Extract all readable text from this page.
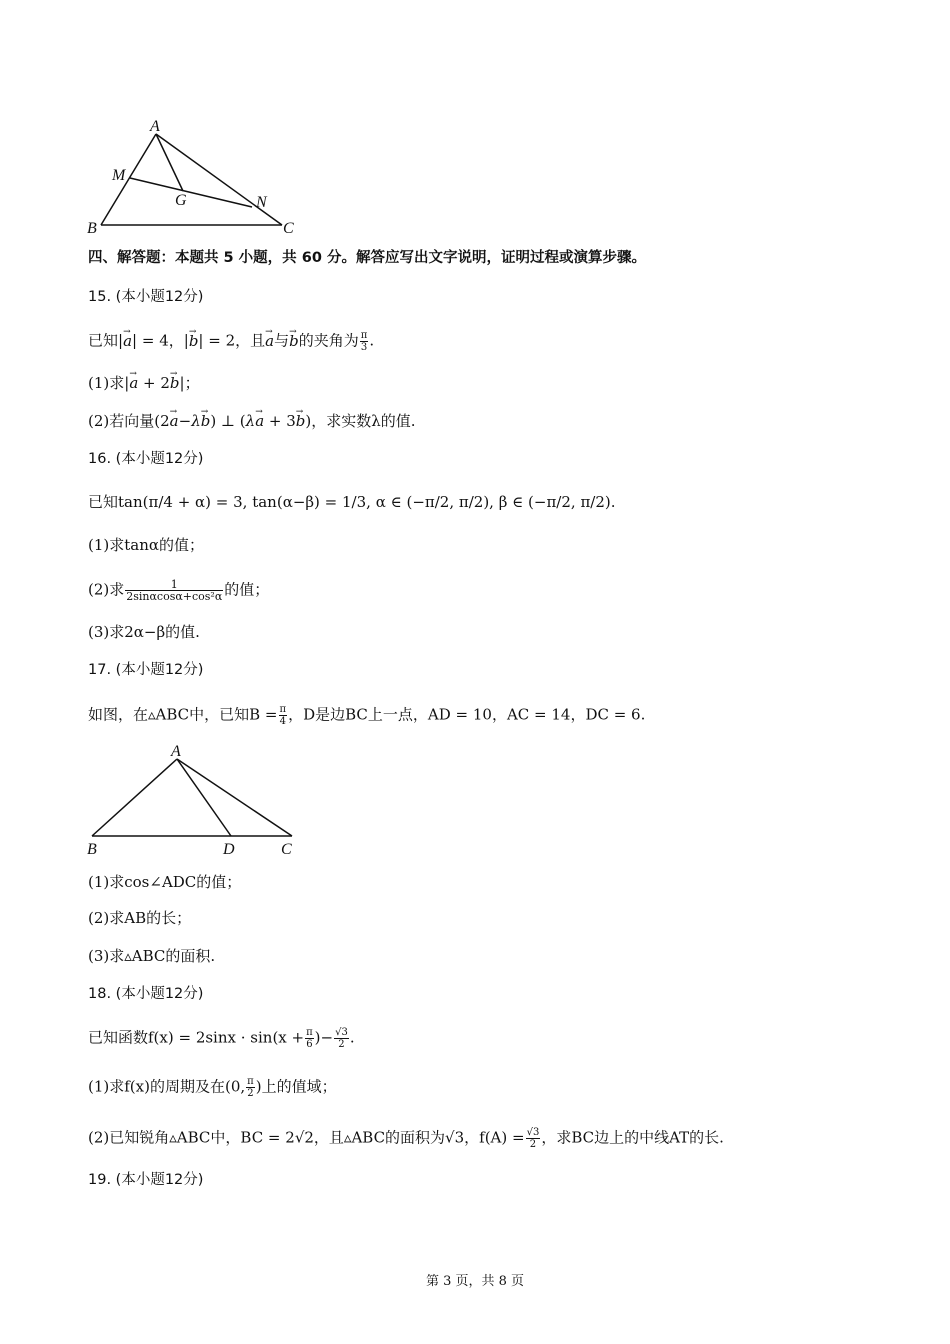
A
M
G	N
B	C
四、解答题：本题共 5 小题，共 60 分。解答应写出文字说明，证明过程或演算步骤。
15. (本小题12分)
已知|→ a| = 4，|→ b| = 2，且→ a与→ b的夹角为 $\frac{\pi}{3}$ .
(1)求|→ a + 2→ b|；
(2)若向量(2→ a−λ→ b) ⊥ (λ→ a + 3→ b)，求实数λ的值.
16. (本小题12分)
已知tan(π/4 + α) = 3, tan(α−β) = 1/3, α ∈ (−π/2, π/2), β ∈ (−π/2, π/2).
(1)求tanα的值；
(2)求 $\frac{1}{\text{2sinαcosα+cos²α}}$ 的值；
(3)求2α−β的值.
17. (本小题12分)
如图，在▵ABC中，已知$B = \frac{\pi}{4}$ ，D是边BC上一点，AD = 10，AC = 14，DC = 6.
A
B	D	C
(1)求cos∠ADC的值；
(2)求AB的长；
(3)求▵ABC的面积.
18. (本小题12分)
已知函数$f(x) = 2\sin x \cdot \sin(x + \frac{\pi}{6}$ )− $\frac{√3}{2}$ .
(1)求f(x)的周期及在(0, $\frac{\pi}{2}$ )上的值域；
(2)已知锐角▵ABC中，BC = 2√2，且▵ABC的面积为√3，$f(A) = \frac{√3}{2}$ ，求BC边上的中线AT的长.
19. (本小题12分)
第 3 页，共 8 页
